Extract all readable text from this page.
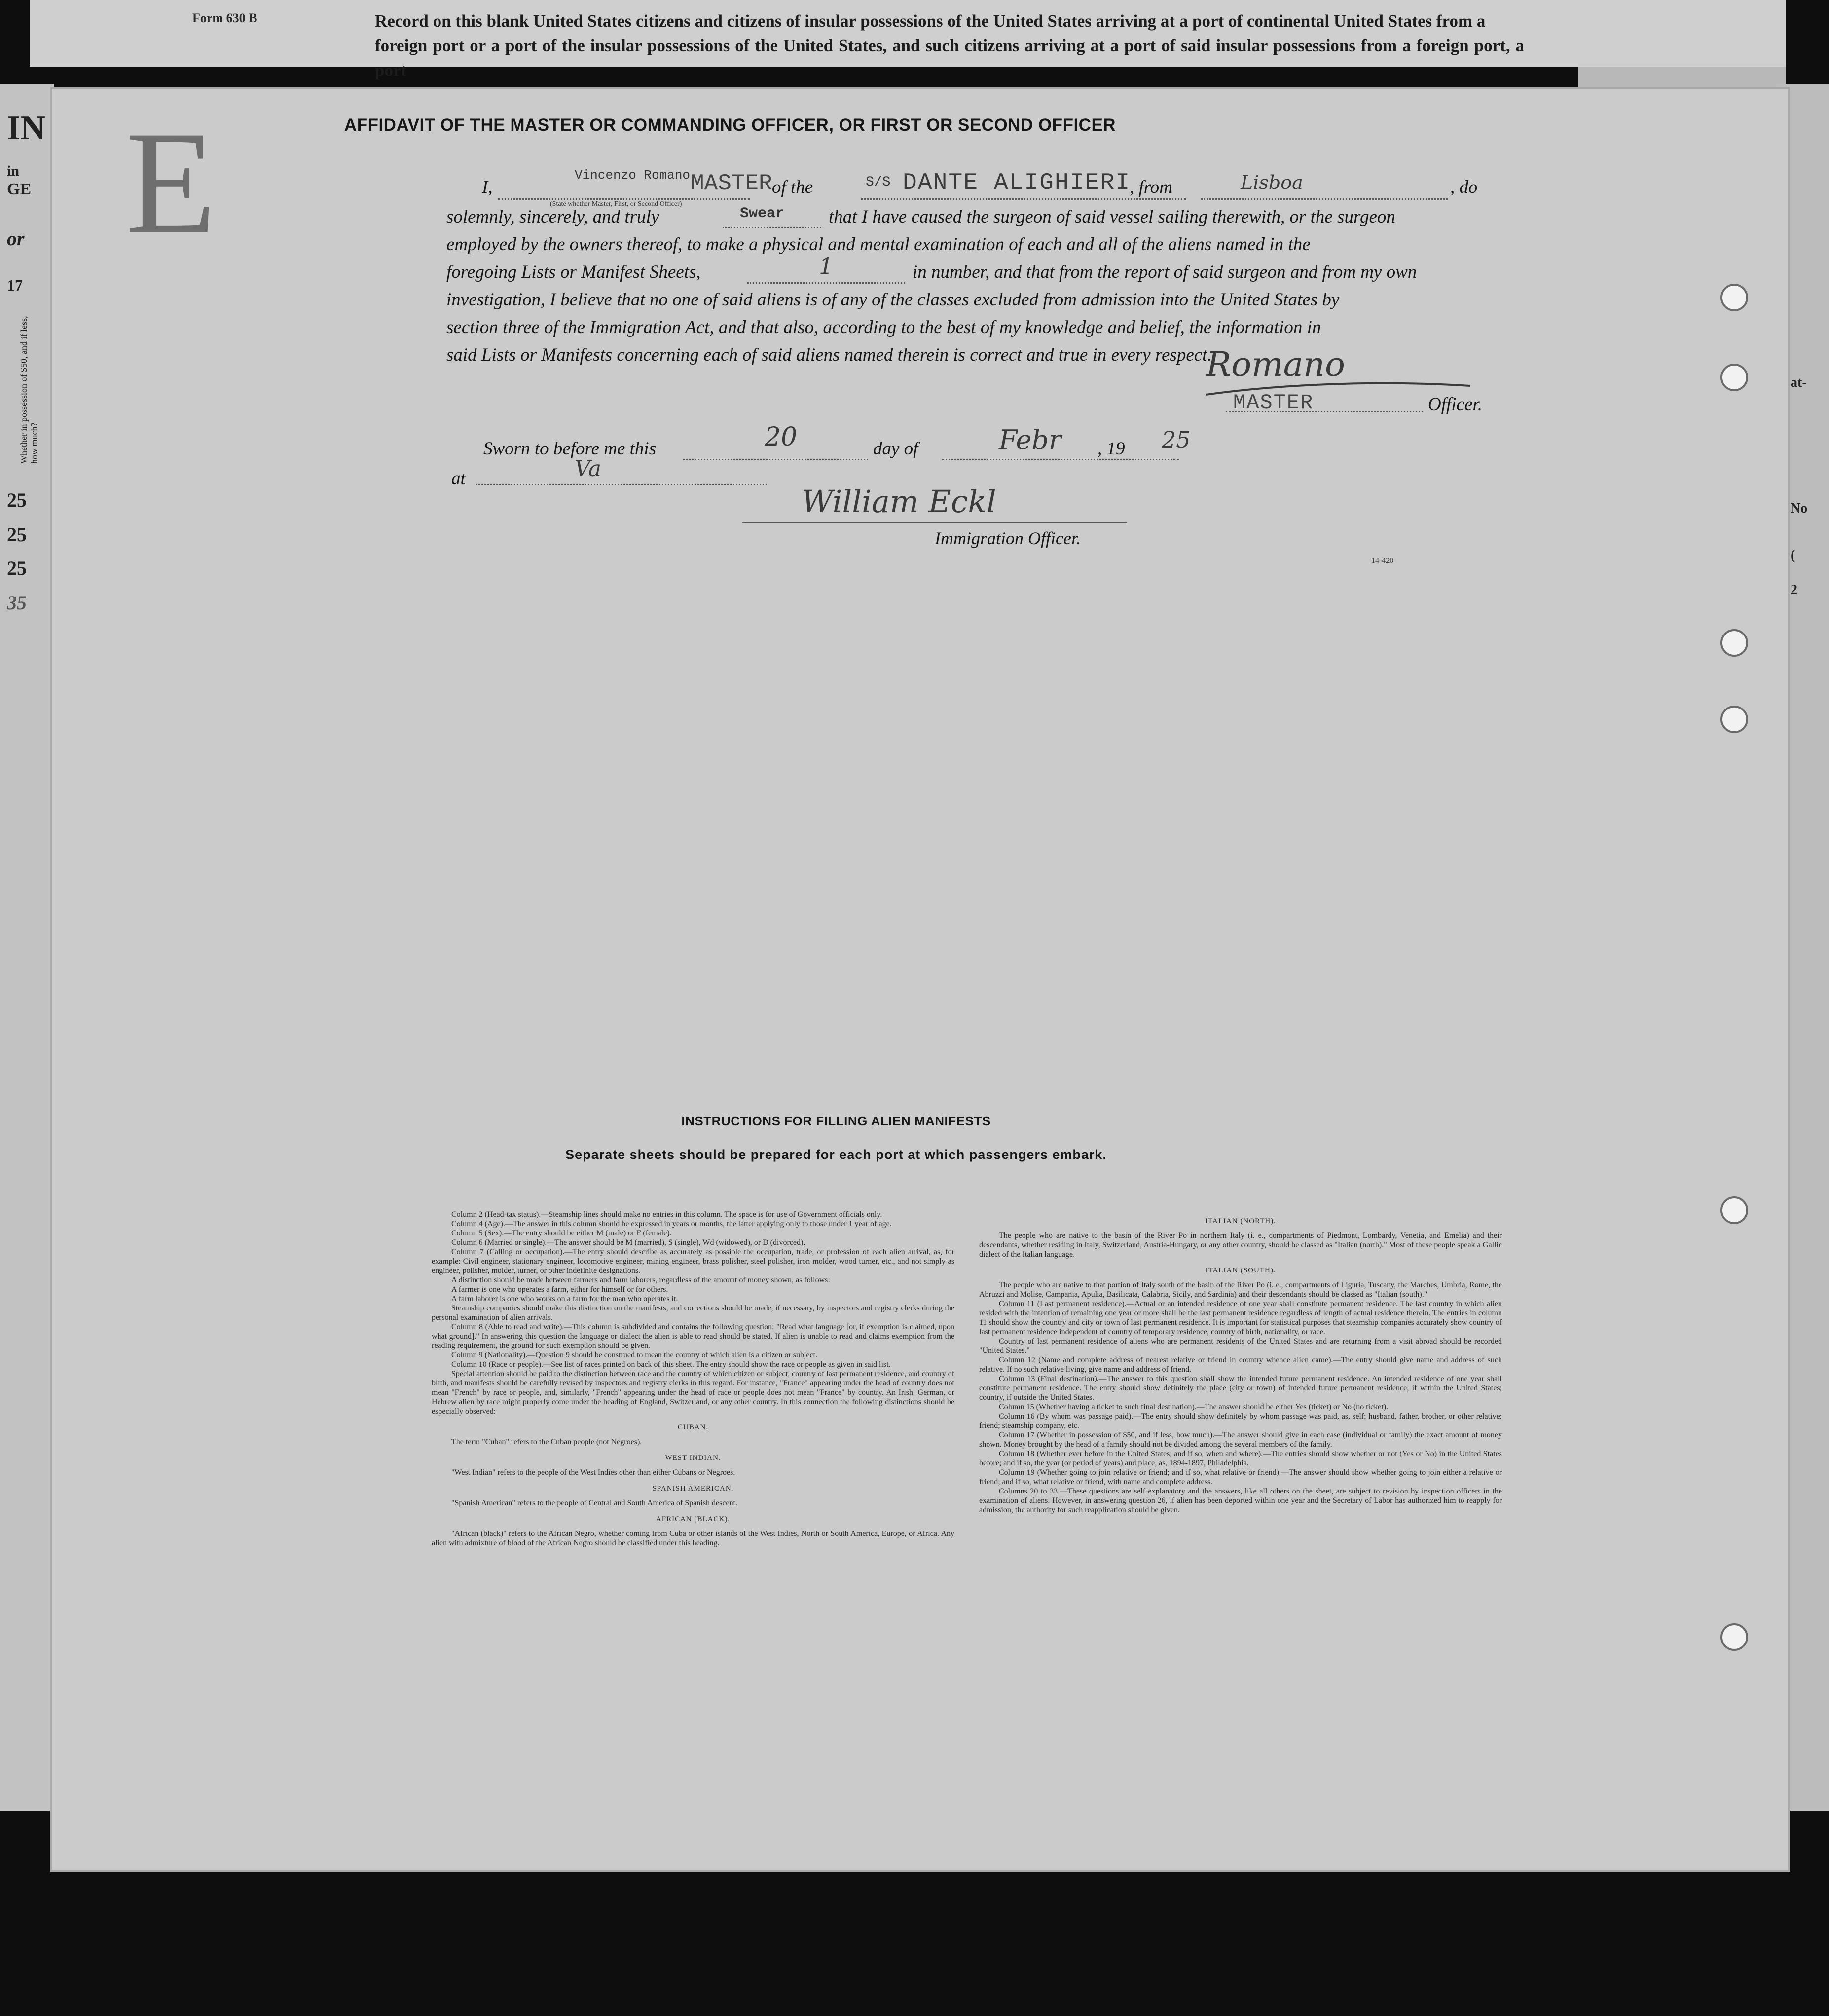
Form 630 B	Record on this blank United States citizens and citizens of insular possessions of the United States arriving at a port of continental United States from a
foreign port or a port of the insular possessions of the United States, and such citizens arriving at a port of said insular possessions from a foreign port, a port
IN
in
GE
or
17
Whether in possession of $50, and if less, how much?
25
25
25
35
at-
No
(
2
E	AFFIDAVIT OF THE MASTER OR COMMANDING OFFICER, OR FIRST OR SECOND OFFICER
I,
Vincenzo Romano
(State whether Master, First, or Second Officer)
MASTER of the	S/S DANTE ALIGHIERI
, from	Lisboa	, do
solemnly, sincerely, and truly	Swear that I have caused the surgeon of said vessel sailing therewith, or the surgeon
employed by the owners thereof, to make a physical and mental examination of each and all of the aliens named in the
foregoing Lists or Manifest Sheets,	1	in number, and that from the report of said surgeon and from my own
investigation, I believe that no one of said aliens is of any of the classes excluded from admission into the United States by
section three of the Immigration Act, and that also, according to the best of my knowledge and belief, the information in
said Lists or Manifests concerning each of said aliens named therein is correct and true in every respect.
Romano
MASTER	Officer.
Sworn to before me this	20	day of	Febr , 19 25
at	Va
William Eckl
Immigration Officer.
14-420
INSTRUCTIONS FOR FILLING ALIEN MANIFESTS
Separate sheets should be prepared for each port at which passengers embark.

Column 2 (Head-tax status).—Steamship lines should make no entries in this column. The space is for use of Government officials only.

Column 4 (Age).—The answer in this column should be expressed in years or months, the latter applying only to those under 1 year of age.

Column 5 (Sex).—The entry should be either M (male) or F (female).

Column 6 (Married or single).—The answer should be M (married), S (single), Wd (widowed), or D (divorced).

Column 7 (Calling or occupation).—The entry should describe as accurately as possible the occupation, trade, or profession of each alien arrival, as, for example: Civil engineer, stationary engineer, locomotive engineer, mining engineer, brass polisher, steel polisher, iron molder, wood turner, etc., and not simply as engineer, polisher, molder, turner, or other indefinite designations.

A distinction should be made between farmers and farm laborers, regardless of the amount of money shown, as follows:

A farmer is one who operates a farm, either for himself or for others.

A farm laborer is one who works on a farm for the man who operates it.

Steamship companies should make this distinction on the manifests, and corrections should be made, if necessary, by inspectors and registry clerks during the personal examination of alien arrivals.

Column 8 (Able to read and write).—This column is subdivided and contains the following question: "Read what language [or, if exemption is claimed, upon what ground]." In answering this question the language or dialect the alien is able to read should be stated. If alien is unable to read and claims exemption from the reading requirement, the ground for such exemption should be given.

Column 9 (Nationality).—Question 9 should be construed to mean the country of which alien is a citizen or subject.

Column 10 (Race or people).—See list of races printed on back of this sheet. The entry should show the race or people as given in said list.

Special attention should be paid to the distinction between race and the country of which citizen or subject, country of last permanent residence, and country of birth, and manifests should be carefully revised by inspectors and registry clerks in this regard. For instance, "France" appearing under the head of country does not mean "French" by race or people, and, similarly, "French" appearing under the head of race or people does not mean "France" by country. An Irish, German, or Hebrew alien by race might properly come under the heading of England, Switzerland, or any other country. In this connection the following distinctions should be especially observed:

CUBAN.

The term "Cuban" refers to the Cuban people (not Negroes).

WEST INDIAN.

"West Indian" refers to the people of the West Indies other than either Cubans or Negroes.

SPANISH AMERICAN.

"Spanish American" refers to the people of Central and South America of Spanish descent.

AFRICAN (BLACK).

"African (black)" refers to the African Negro, whether coming from Cuba or other islands of the West Indies, North or South America, Europe, or Africa. Any alien with admixture of blood of the African Negro should be classified under this heading.

ITALIAN (NORTH).

The people who are native to the basin of the River Po in northern Italy (i. e., compartments of Piedmont, Lombardy, Venetia, and Emelia) and their descendants, whether residing in Italy, Switzerland, Austria-Hungary, or any other country, should be classed as "Italian (north)." Most of these people speak a Gallic dialect of the Italian language.

ITALIAN (SOUTH).

The people who are native to that portion of Italy south of the basin of the River Po (i. e., compartments of Liguria, Tuscany, the Marches, Umbria, Rome, the Abruzzi and Molise, Campania, Apulia, Basilicata, Calabria, Sicily, and Sardinia) and their descendants should be classed as "Italian (south)."

Column 11 (Last permanent residence).—Actual or an intended residence of one year shall constitute permanent residence. The last country in which alien resided with the intention of remaining one year or more shall be the last permanent residence regardless of length of actual residence therein. The entries in column 11 should show the country and city or town of last permanent residence. It is important for statistical purposes that steamship companies accurately show country of last permanent residence independent of country of temporary residence, country of birth, nationality, or race.

Country of last permanent residence of aliens who are permanent residents of the United States and are returning from a visit abroad should be recorded "United States."

Column 12 (Name and complete address of nearest relative or friend in country whence alien came).—The entry should give name and address of such relative. If no such relative living, give name and address of friend.

Column 13 (Final destination).—The answer to this question shall show the intended future permanent residence. An intended residence of one year shall constitute permanent residence. The entry should show definitely the place (city or town) of intended future permanent residence, if within the United States; country, if outside the United States.

Column 15 (Whether having a ticket to such final destination).—The answer should be either Yes (ticket) or No (no ticket).

Column 16 (By whom was passage paid).—The entry should show definitely by whom passage was paid, as, self; husband, father, brother, or other relative; friend; steamship company, etc.

Column 17 (Whether in possession of $50, and if less, how much).—The answer should give in each case (individual or family) the exact amount of money shown. Money brought by the head of a family should not be divided among the several members of the family.

Column 18 (Whether ever before in the United States; and if so, when and where).—The entries should show whether or not (Yes or No) in the United States before; and if so, the year (or period of years) and place, as, 1894-1897, Philadelphia.

Column 19 (Whether going to join relative or friend; and if so, what relative or friend).—The answer should show whether going to join either a relative or friend; and if so, what relative or friend, with name and complete address.

Columns 20 to 33.—These questions are self-explanatory and the answers, like all others on the sheet, are subject to revision by inspection officers in the examination of aliens. However, in answering question 26, if alien has been deported within one year and the Secretary of Labor has authorized him to reapply for admission, the authority for such reapplication should be given.
